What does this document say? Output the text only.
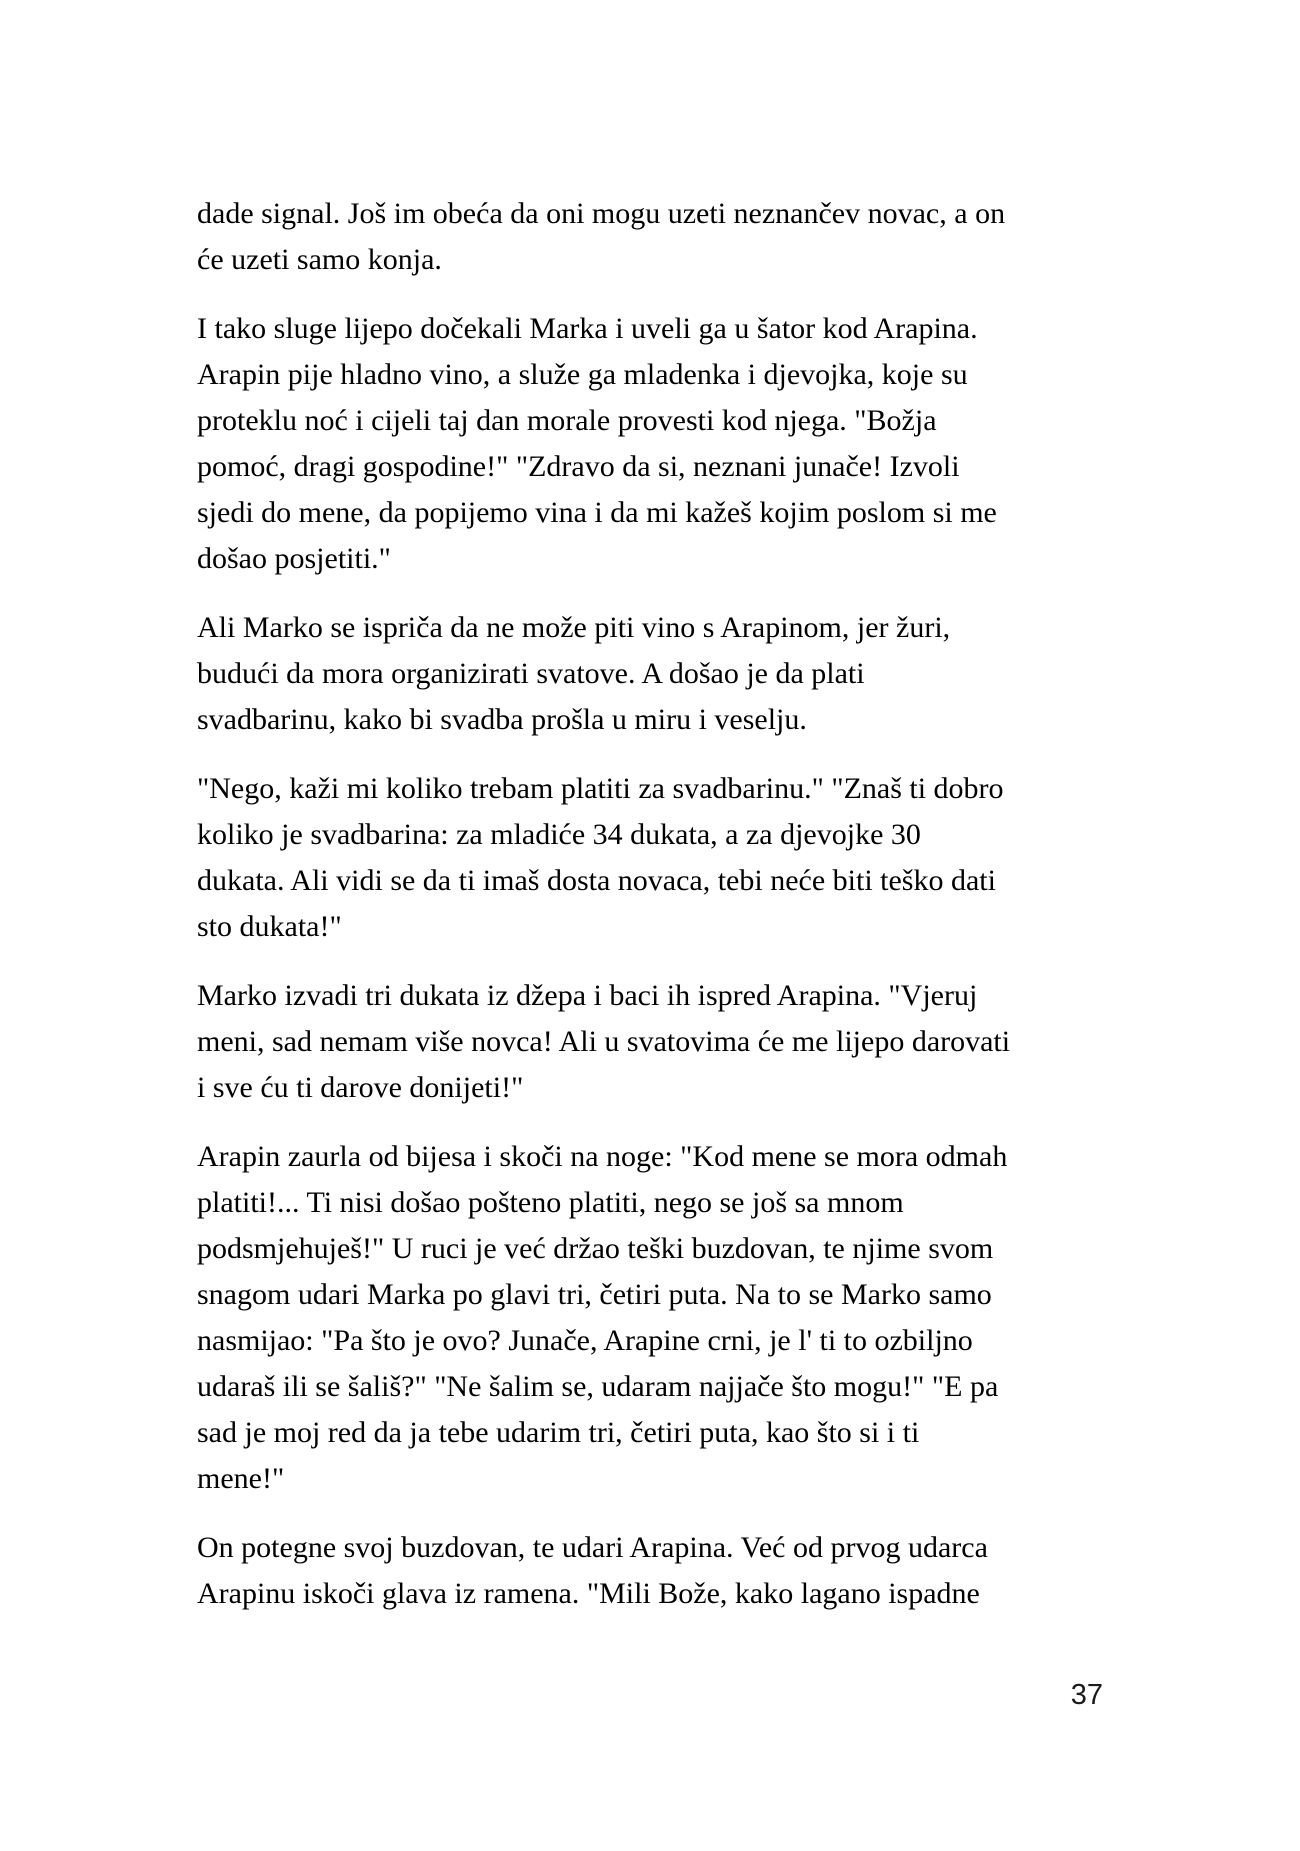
dade signal. Još im obeća da oni mogu uzeti neznančev novac, a on
će uzeti samo konja.

I tako sluge lijepo dočekali Marka i uveli ga u šator kod Arapina.
Arapin pije hladno vino, a služe ga mladenka i djevojka, koje su
proteklu noć i cijeli taj dan morale provesti kod njega. "Božja
pomoć, dragi gospodine!" "Zdravo da si, neznani junače! Izvoli
sjedi do mene, da popijemo vina i da mi kažeš kojim poslom si me
došao posjetiti."

Ali Marko se ispriča da ne može piti vino s Arapinom, jer žuri,
budući da mora organizirati svatove. A došao je da plati
svadbarinu, kako bi svadba prošla u miru i veselju.

"Nego, kaži mi koliko trebam platiti za svadbarinu." "Znaš ti dobro
koliko je svadbarina: za mladiće 34 dukata, a za djevojke 30
dukata. Ali vidi se da ti imaš dosta novaca, tebi neće biti teško dati
sto dukata!"

Marko izvadi tri dukata iz džepa i baci ih ispred Arapina. "Vjeruj
meni, sad nemam više novca! Ali u svatovima će me lijepo darovati
i sve ću ti darove donijeti!"

Arapin zaurla od bijesa i skoči na noge: "Kod mene se mora odmah
platiti!... Ti nisi došao pošteno platiti, nego se još sa mnom
podsmjehuješ!" U ruci je već držao teški buzdovan, te njime svom
snagom udari Marka po glavi tri, četiri puta. Na to se Marko samo
nasmijao: "Pa što je ovo? Junače, Arapine crni, je l' ti to ozbiljno
udaraš ili se šališ?" "Ne šalim se, udaram najjače što mogu!" "E pa
sad je moj red da ja tebe udarim tri, četiri puta, kao što si i ti
mene!"

On potegne svoj buzdovan, te udari Arapina. Već od prvog udarca
Arapinu iskoči glava iz ramena. "Mili Bože, kako lagano ispadne

37
